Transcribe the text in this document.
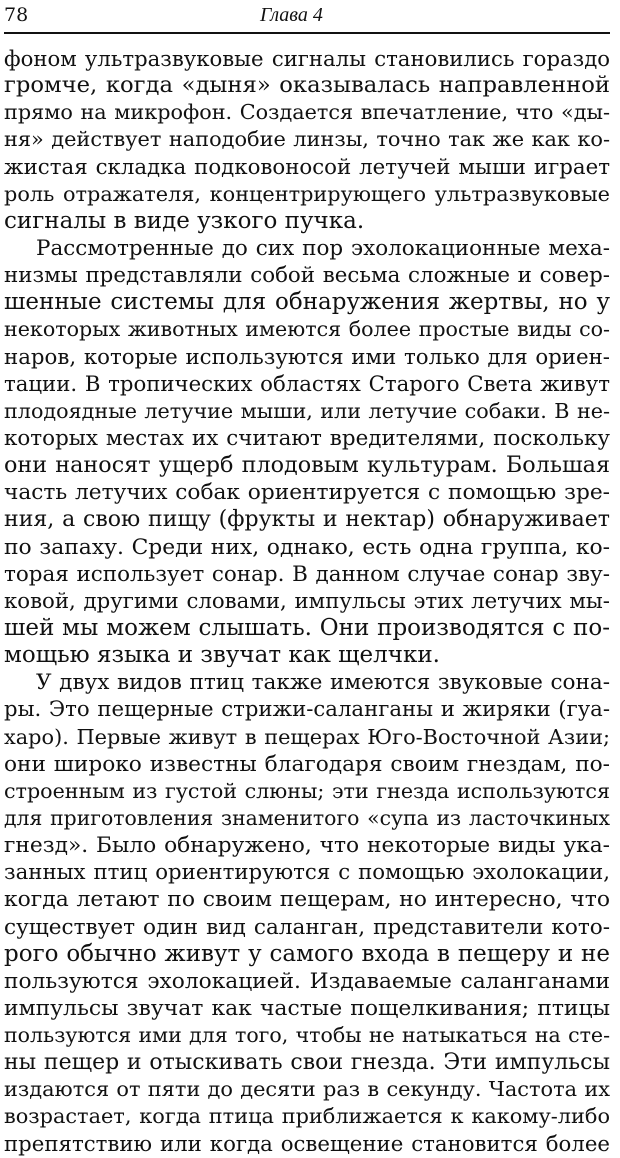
78	Глава 4
фоном ультразвуковые сигналы становились гораздо
громче, когда «дыня» оказывалась направленной
прямо на микрофон. Создается впечатление, что «ды-
ня» действует наподобие линзы, точно так же как ко-
жистая складка подковоносой летучей мыши играет
роль отражателя, концентрирующего ультразвуковые
сигналы в виде узкого пучка.
Рассмотренные до сих пор эхолокационные меха-
низмы представляли собой весьма сложные и совер-
шенные системы для обнаружения жертвы, но у
некоторых животных имеются более простые виды со-
наров, которые используются ими только для ориен-
тации. В тропических областях Старого Света живут
плодоядные летучие мыши, или летучие собаки. В не-
которых местах их считают вредителями, поскольку
они наносят ущерб плодовым культурам. Большая
часть летучих собак ориентируется с помощью зре-
ния, а свою пищу (фрукты и нектар) обнаруживает
по запаху. Среди них, однако, есть одна группа, ко-
торая использует сонар. В данном случае сонар зву-
ковой, другими словами, импульсы этих летучих мы-
шей мы можем слышать. Они производятся с по-
мощью языка и звучат как щелчки.
У двух видов птиц также имеются звуковые сона-
ры. Это пещерные стрижи-саланганы и жиряки (гуа-
харо). Первые живут в пещерах Юго-Восточной Азии;
они широко известны благодаря своим гнездам, по-
строенным из густой слюны; эти гнезда используются
для приготовления знаменитого «супа из ласточкиных
гнезд». Было обнаружено, что некоторые виды ука-
занных птиц ориентируются с помощью эхолокации,
когда летают по своим пещерам, но интересно, что
существует один вид саланган, представители кото-
рого обычно живут у самого входа в пещеру и не
пользуются эхолокацией. Издаваемые саланганами
импульсы звучат как частые пощелкивания; птицы
пользуются ими для того, чтобы не натыкаться на сте-
ны пещер и отыскивать свои гнезда. Эти импульсы
издаются от пяти до десяти раз в секунду. Частота их
возрастает, когда птица приближается к какому-либо
препятствию или когда освещение становится более
